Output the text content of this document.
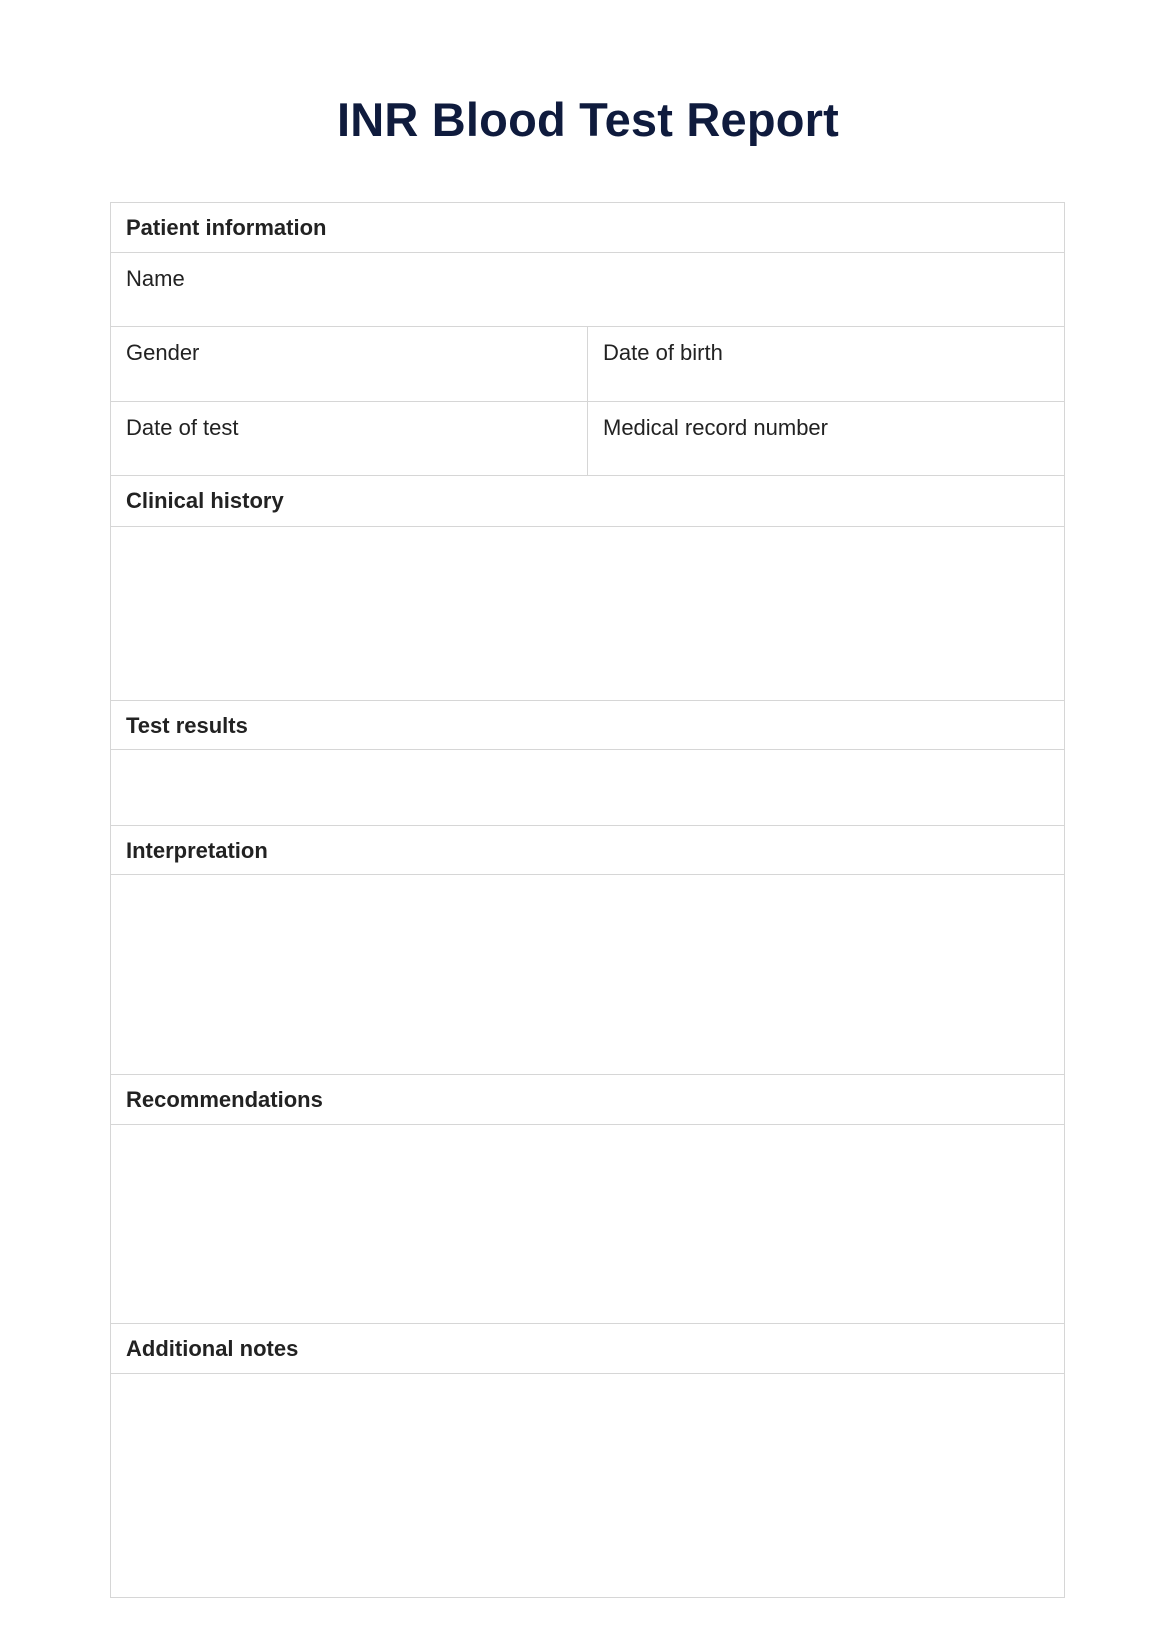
INR Blood Test Report
Patient information
Name
Gender	Date of birth
Date of test	Medical record number
Clinical history
Test results
Interpretation
Recommendations
Additional notes
